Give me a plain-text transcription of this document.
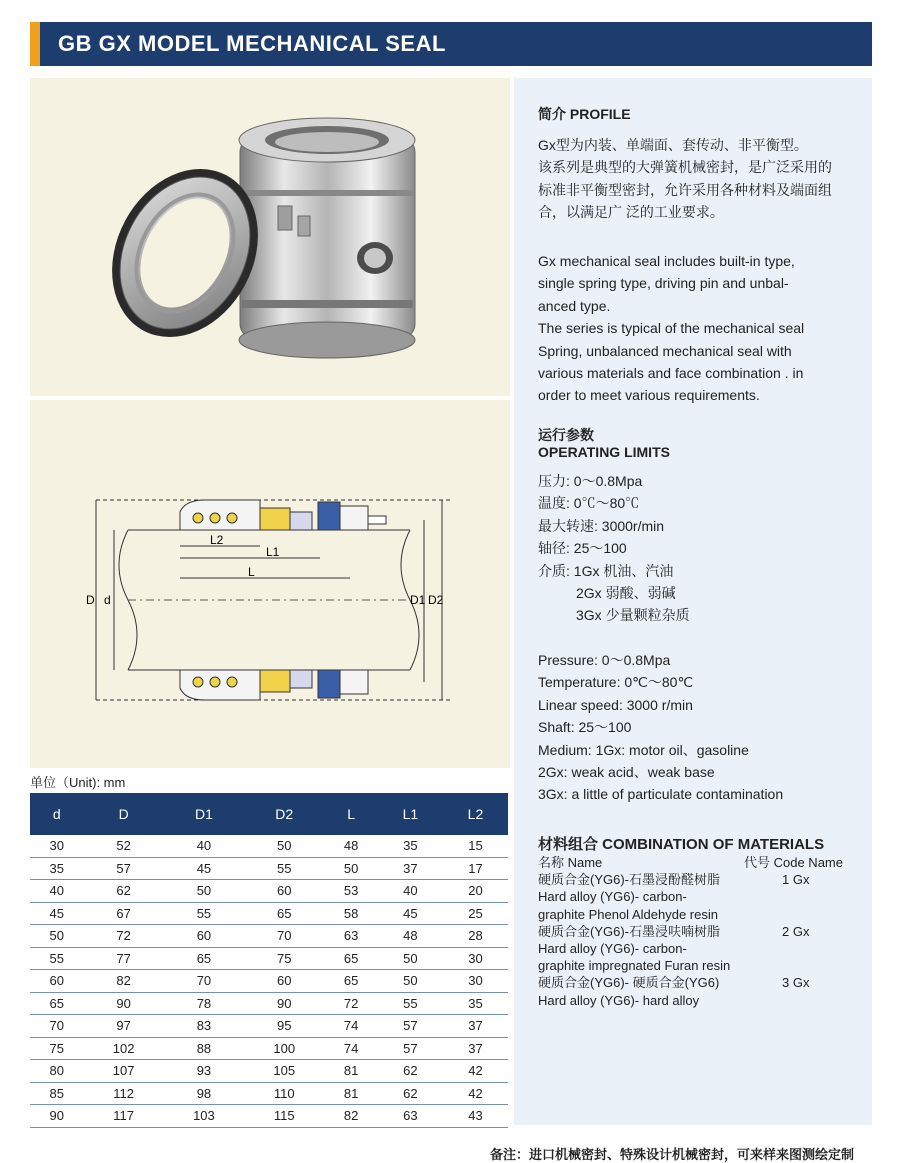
GB GX MODEL MECHANICAL SEAL
L2
L1
L
D d	D1 D2
单位（Unit): mm
d	D	D1	D2	L	L1	L2
30	52	40	50	48	35	15
35	57	45	55	50	37	17
40	62	50	60	53	40	20
45	67	55	65	58	45	25
50	72	60	70	63	48	28
55	77	65	75	65	50	30
60	82	70	60	65	50	30
65	90	78	90	72	55	35
70	97	83	95	74	57	37
75	102	88	100	74	57	37
80	107	93	105	81	62	42
85	112	98	110	81	62	42
90	117	103	115	82	63	43
简介 PROFILE
Gx型为内装、单端面、套传动、非平衡型。
该系列是典型的大弹簧机械密封，是广泛采用的
标准非平衡型密封，允许采用各种材料及端面组
合，以满足广 泛的工业要求。
Gx mechanical seal includes built-in type,
single spring type, driving pin and unbal-
anced type.
The series is typical of the mechanical seal
Spring, unbalanced mechanical seal with
various materials and face combination . in
order to meet various requirements.
运行参数
OPERATING LIMITS
压力: 0～0.8Mpa
温度: 0℃～80℃
最大转速: 3000r/min
轴径: 25～100
介质: 1Gx 机油、汽油
2Gx 弱酸、弱碱
3Gx 少量颗粒杂质
Pressure: 0～0.8Mpa
Temperature: 0℃～80℃
Linear speed: 3000 r/min
Shaft: 25～100
Medium: 1Gx: motor oil、gasoline
2Gx: weak acid、weak base
3Gx: a little of particulate contamination
材料组合 COMBINATION OF MATERIALS
名称 Name	代号 Code Name
硬质合金(YG6)-石墨浸酚醛树脂	1 Gx
Hard alloy (YG6)- carbon-
graphite Phenol Aldehyde resin
硬质合金(YG6)-石墨浸呋喃树脂	2 Gx
Hard alloy (YG6)- carbon-
graphite impregnated Furan resin
硬质合金(YG6)- 硬质合金(YG6)	3 Gx
Hard alloy (YG6)- hard alloy
备注：进口机械密封、特殊设计机械密封，可来样来图测绘定制
